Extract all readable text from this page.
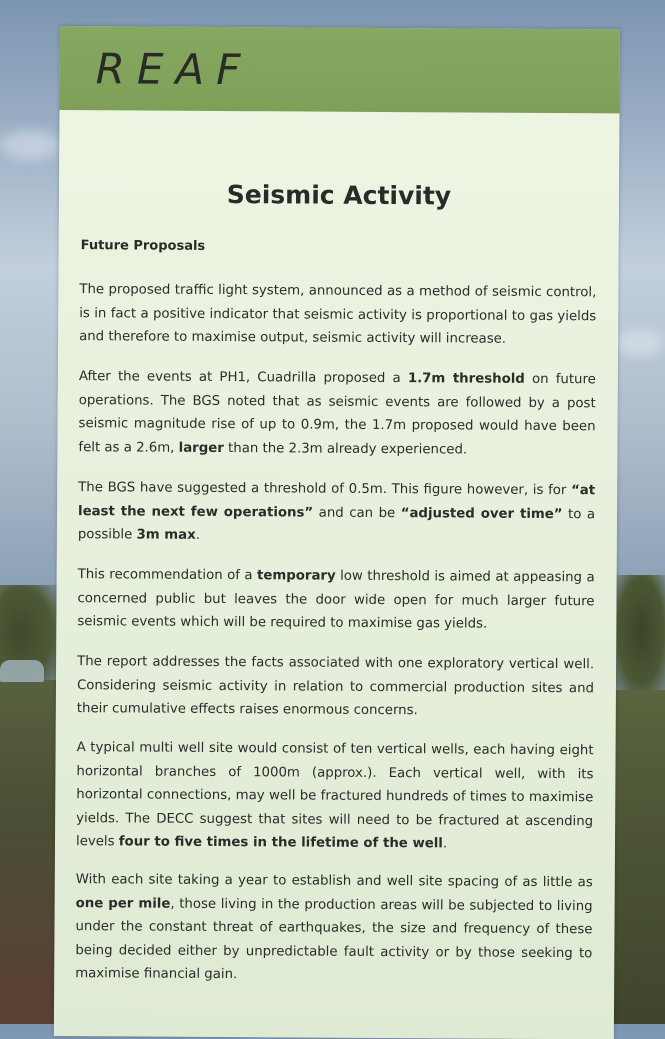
REAF
Seismic Activity
Future Proposals
The proposed traffic light system, announced as a method of seismic control, is in fact a positive indicator that seismic activity is proportional to gas yields and therefore to maximise output, seismic activity will increase.
After the events at PH1, Cuadrilla proposed a 1.7m threshold on future operations. The BGS noted that as seismic events are followed by a post seismic magnitude rise of up to 0.9m, the 1.7m proposed would have been felt as a 2.6m, larger than the 2.3m already experienced.
The BGS have suggested a threshold of 0.5m. This figure however, is for “at least the next few operations” and can be “adjusted over time” to a possible 3m max.
This recommendation of a temporary low threshold is aimed at appeasing a concerned public but leaves the door wide open for much larger future seismic events which will be required to maximise gas yields.
The report addresses the facts associated with one exploratory vertical well. Considering seismic activity in relation to commercial production sites and their cumulative effects raises enormous concerns.
A typical multi well site would consist of ten vertical wells, each having eight horizontal branches of 1000m (approx.). Each vertical well, with its horizontal connections, may well be fractured hundreds of times to maximise yields. The DECC suggest that sites will need to be fractured at ascending levels four to five times in the lifetime of the well.
With each site taking a year to establish and well site spacing of as little as one per mile, those living in the production areas will be subjected to living under the constant threat of earthquakes, the size and frequency of these being decided either by unpredictable fault activity or by those seeking to maximise financial gain.
